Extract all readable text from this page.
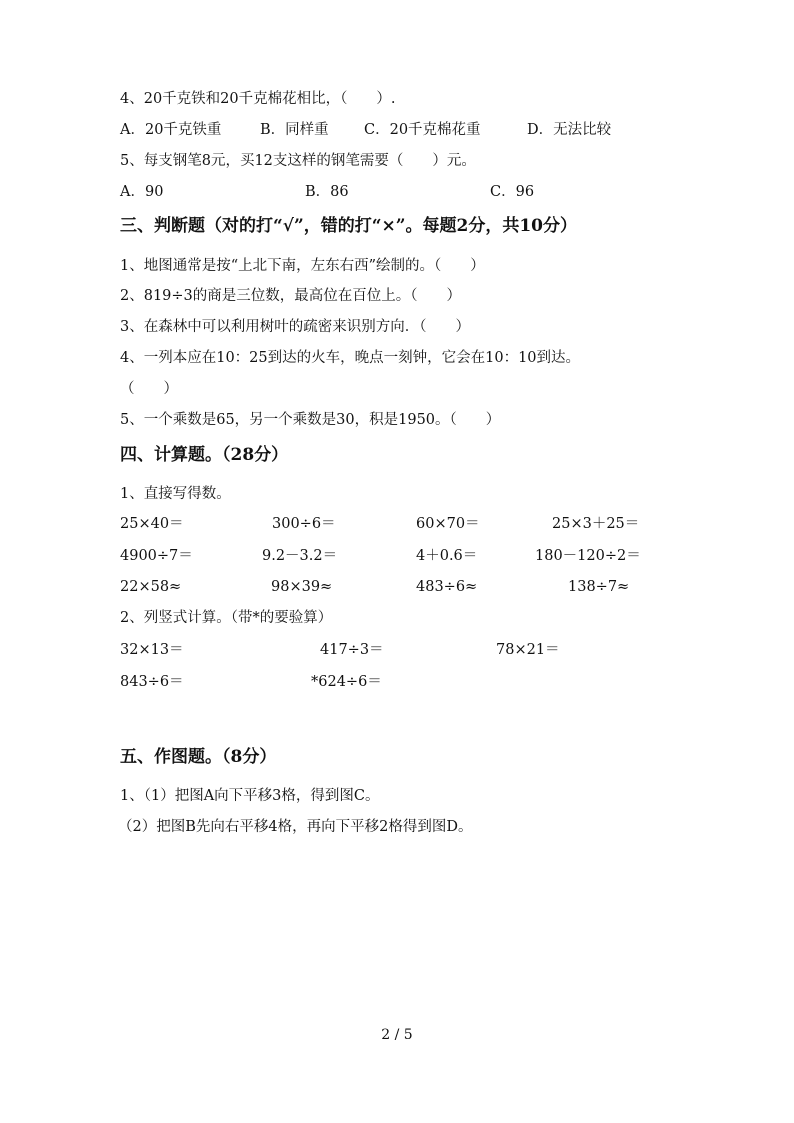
4、20千克铁和20千克棉花相比，（　　）.
A．20千克铁重	B．同样重 C．20千克棉花重	D．无法比较
5、每支钢笔8元，买12支这样的钢笔需要（　　）元。
A．90	B．86	C．96
三、判断题（对的打“√”，错的打“×”。每题2分，共10分）
1、地图通常是按“上北下南，左东右西”绘制的。（　　）
2、819÷3的商是三位数，最高位在百位上。（　　）
3、在森林中可以利用树叶的疏密来识别方向．（　　）
4、一列本应在10：25到达的火车，晚点一刻钟，它会在10：10到达。
（　　）
5、一个乘数是65，另一个乘数是30，积是1950。（　　）
四、计算题。（28分）
1、直接写得数。
25×40＝	300÷6＝	60×70＝	25×3＋25＝
4900÷7＝	9.2－3.2＝	4＋0.6＝	180－120÷2＝
22×58≈	98×39≈	483÷6≈	138÷7≈
2、列竖式计算。（带*的要验算）
32×13＝	417÷3＝	78×21＝
843÷6＝	*624÷6＝
五、作图题。（8分）
1、（1）把图A向下平移3格，得到图C。
（2）把图B先向右平移4格，再向下平移2格得到图D。
2 / 5
